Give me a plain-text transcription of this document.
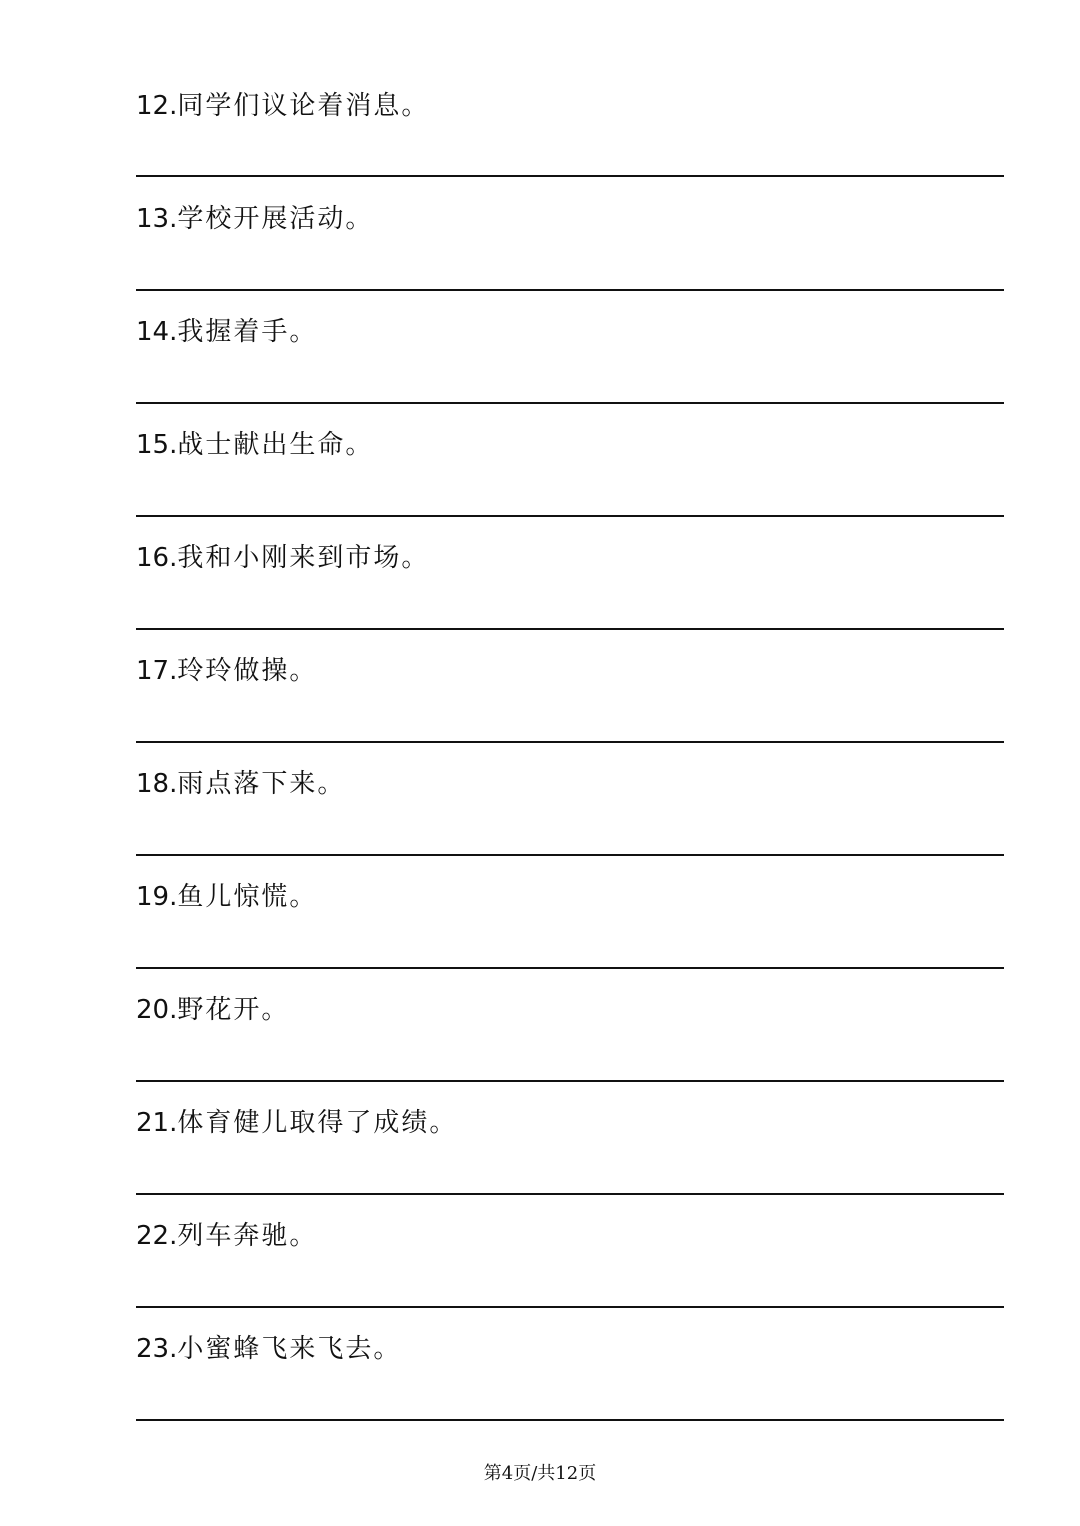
12.同学们议论着消息。
13.学校开展活动。
14.我握着手。
15.战士献出生命。
16.我和小刚来到市场。
17.玲玲做操。
18.雨点落下来。
19.鱼儿惊慌。
20.野花开。
21.体育健儿取得了成绩。
22.列车奔驰。
23.小蜜蜂飞来飞去。
第4页/共12页
